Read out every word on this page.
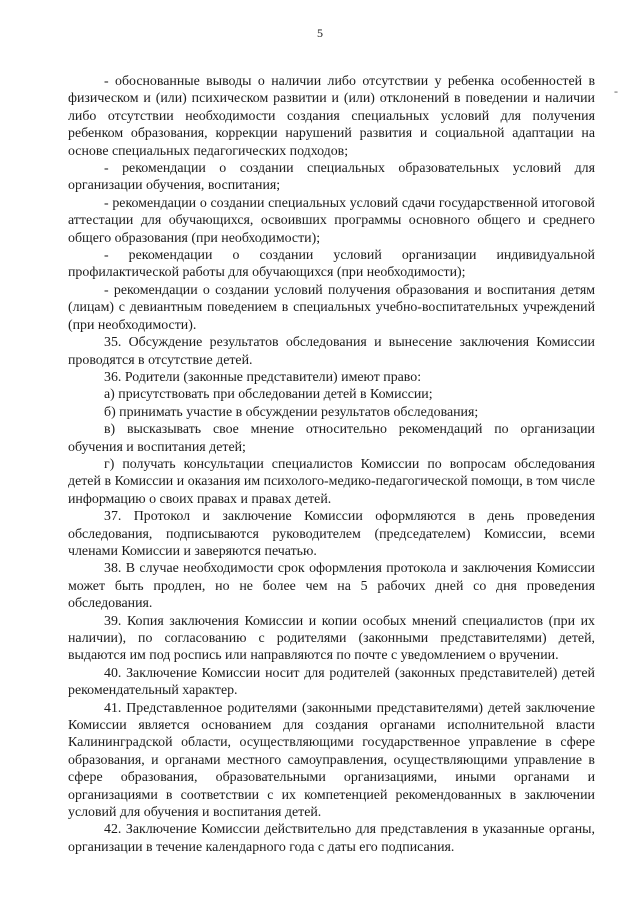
5
-

- обоснованные выводы о наличии либо отсутствии у ребенка особенностей в физическом и (или) психическом развитии и (или) отклонений в поведении и наличии либо отсутствии необходимости создания специальных условий для получения ребенком образования, коррекции нарушений развития и социальной адаптации на основе специальных педагогических подходов;

- рекомендации о создании специальных образовательных условий для организации обучения, воспитания;

- рекомендации о создании специальных условий сдачи государственной итоговой аттестации для обучающихся, освоивших программы основного общего и среднего общего образования (при необходимости);

- рекомендации о создании условий организации индивидуальной профилактической работы для обучающихся (при необходимости);

- рекомендации о создании условий получения образования и воспитания детям (лицам) с девиантным поведением в специальных учебно-воспитательных учреждений (при необходимости).

35. Обсуждение результатов обследования и вынесение заключения Комиссии проводятся в отсутствие детей.

36. Родители (законные представители) имеют право:

а) присутствовать при обследовании детей в Комиссии;

б) принимать участие в обсуждении результатов обследования;

в) высказывать свое мнение относительно рекомендаций по организации обучения и воспитания детей;

г) получать консультации специалистов Комиссии по вопросам обследования детей в Комиссии и оказания им психолого-медико-педагогической помощи, в том числе информацию о своих правах и правах детей.

37. Протокол и заключение Комиссии оформляются в день проведения обследования, подписываются руководителем (председателем) Комиссии, всеми членами Комиссии и заверяются печатью.

38. В случае необходимости срок оформления протокола и заключения Комиссии может быть продлен, но не более чем на 5 рабочих дней со дня проведения обследования.

39. Копия заключения Комиссии и копии особых мнений специалистов (при их наличии), по согласованию с родителями (законными представителями) детей, выдаются им под роспись или направляются по почте с уведомлением о вручении.

40. Заключение Комиссии носит для родителей (законных представителей) детей рекомендательный характер.

41. Представленное родителями (законными представителями) детей заключение Комиссии является основанием для создания органами исполнительной власти Калининградской области, осуществляющими государственное управление в сфере образования, и органами местного самоуправления, осуществляющими управление в сфере образования, образовательными организациями, иными органами и организациями в соответствии с их компетенцией рекомендованных в заключении условий для обучения и воспитания детей.

42. Заключение Комиссии действительно для представления в указанные органы, организации в течение календарного года с даты его подписания.
